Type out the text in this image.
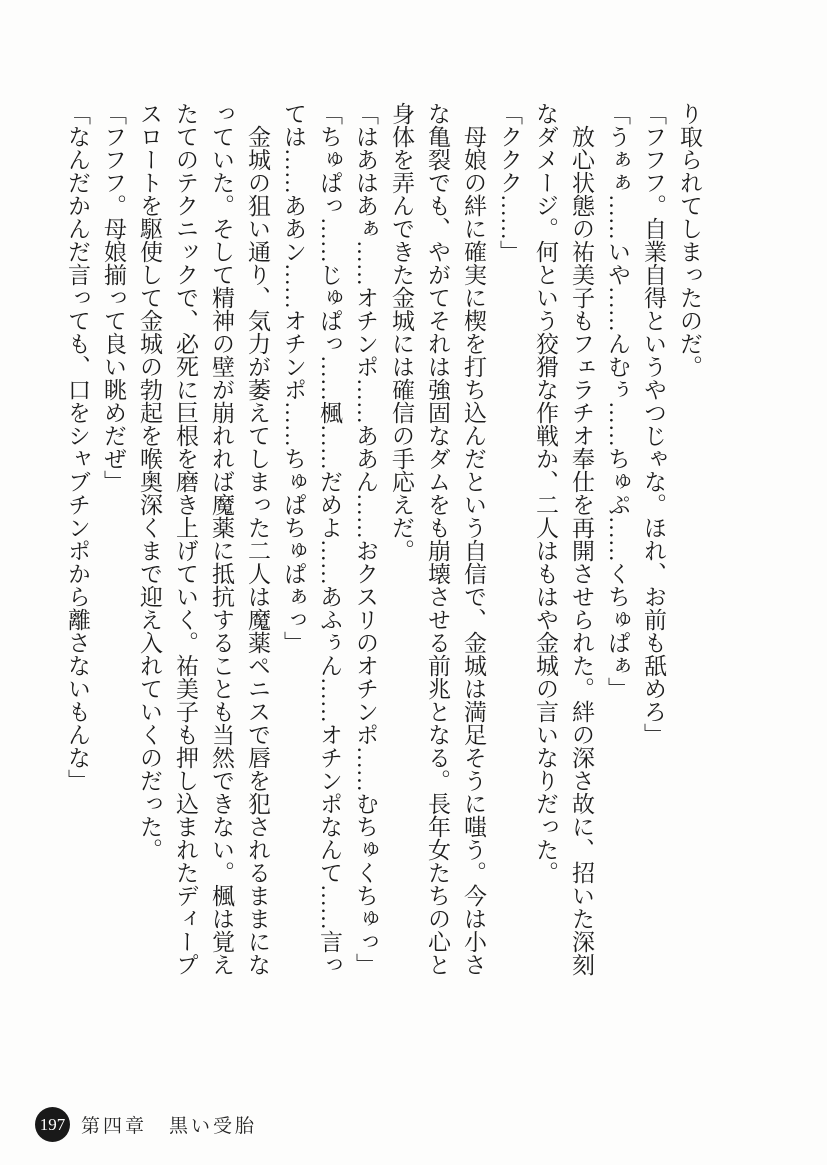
り取られてしまったのだ。

「フフフ。自業自得というやつじゃな。ほれ、お前も舐めろ」

「うぁぁ……いや……んむぅ……ちゅぷ……くちゅぱぁ」

放心状態の祐美子もフェラチオ奉仕を再開させられた。絆の深さ故に、招いた深刻

なダメージ。何という狡猾な作戦か、二人はもはや金城の言いなりだった。

「ククク……」

母娘の絆に確実に楔を打ち込んだという自信で、金城は満足そうに嗤う。今は小さ

な亀裂でも、やがてそれは強固なダムをも崩壊させる前兆となる。長年女たちの心と

身体を弄んできた金城には確信の手応えだ。

「はあはあぁ……オチンポ……ああん……おクスリのオチンポ……むちゅくちゅっ」

「ちゅぱっ……じゅぱっ……楓……だめよ……あふぅん……オチンポなんて……言っ

ては……ああン……オチンポ……ちゅぱちゅぱぁっ」

金城の狙い通り、気力が萎えてしまった二人は魔薬ペニスで唇を犯されるままにな

っていた。そして精神の壁が崩れれば魔薬に抵抗することも当然できない。楓は覚え

たてのテクニックで、必死に巨根を磨き上げていく。祐美子も押し込まれたディープ

スロートを駆使して金城の勃起を喉奥深くまで迎え入れていくのだった。

「フフフ。母娘揃って良い眺めだぜ」

「なんだかんだ言っても、口をシャブチンポから離さないもんな」

197 第四章　黒い受胎
